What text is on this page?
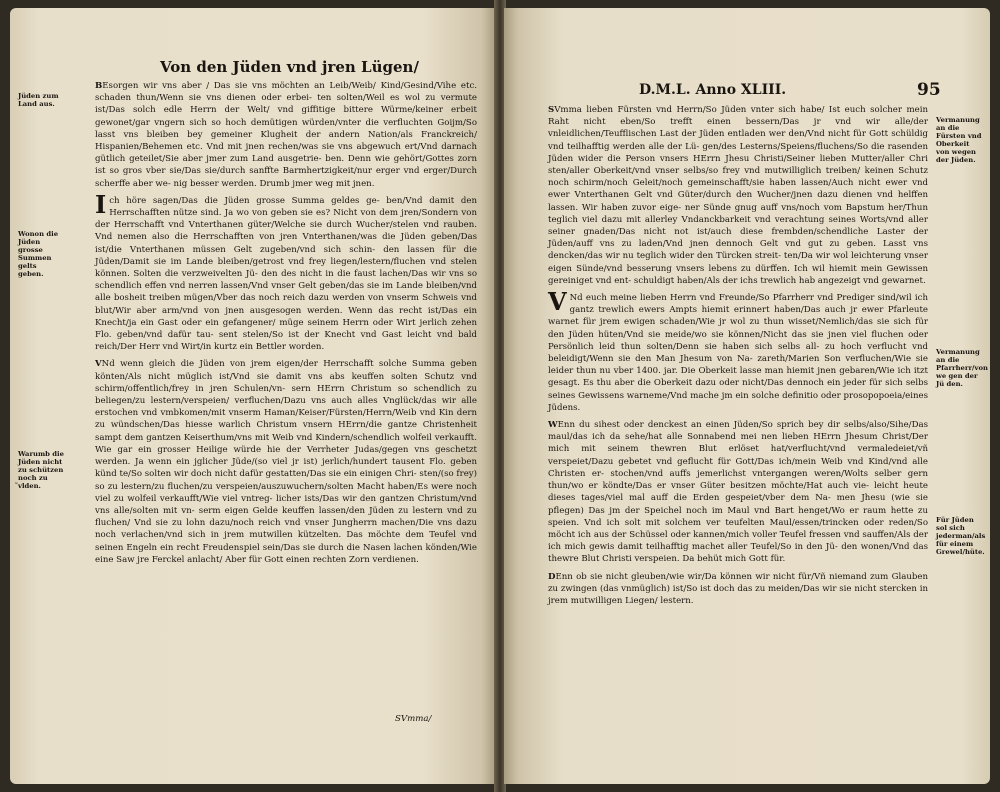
Von den Jüden vnd jren Lügen/
Jüden zum Land aus.
Wonon die Jüden grosse Summen gelts geben.
Warumb die Jüden nicht zu schützen noch zu ̃vlden.

BEsorgen wir vns aber / Das sie vns möchten an Leib/Weib/ Kind/Gesind/Vihe etc. schaden thun/Wenn sie vns dienen oder erbei- ten solten/Weil es wol zu vermute ist/Das solch edle Herrn der Welt/ vnd giffitige bittere Würme/keiner erbeit gewonet/gar vngern sich so hoch demütigen würden/vnter die verfluchten Goijm/So lasst vns bleiben bey gemeiner Klugheit der andern Nation/als Franckreich/ Hispanien/Behemen etc. Vnd mit jnen rechen/was sie vns abgewuch ert/Vnd darnach gütlich geteilet/Sie aber jmer zum Land ausgetrie- ben. Denn wie gehört/Gottes zorn ist so gros vber sie/Das sie/durch sanffte Barmhertzigkeit/nur erger vnd erger/Durch scherffe aber we- nig besser werden. Drumb jmer weg mit jnen.

Ich höre sagen/Das die Jüden grosse Summa geldes ge- ben/Vnd damit den Herrschafften nütze sind. Ja wo von geben sie es? Nicht von dem jren/Sondern von der Herrschafft vnd Vnterthanen güter/Welche sie durch Wucher/stelen vnd rauben. Vnd nemen also die Herrschafften von jren Vnterthanen/was die Jüden geben/Das ist/die Vnterthanen müssen Gelt zugeben/vnd sich schin- den lassen für die Jüden/Damit sie im Lande bleiben/getrost vnd frey liegen/lestern/fluchen vnd stelen können. Solten die verzweivelten Jü- den des nicht in die faust lachen/Das wir vns so schendlich effen vnd nerren lassen/Vnd vnser Gelt geben/das sie im Lande bleiben/vnd alle bosheit treiben mügen/Vber das noch reich dazu werden von vnserm Schweis vnd blut/Wir aber arm/vnd von jnen ausgesogen werden. Wenn das recht ist/Das ein Knecht/ja ein Gast oder ein gefangener/ müge seinem Herrn oder Wirt jerlich zehen Flo. geben/vnd dafür tau- sent stelen/So ist der Knecht vnd Gast leicht vnd bald reich/Der Herr vnd Wirt/in kurtz ein Bettler worden.

VNd wenn gleich die Jüden von jrem eigen/der Herrschafft solche Summa geben könten/Als nicht müglich ist/Vnd sie damit vns abs keuffen solten Schutz vnd schirm/offentlich/frey in jren Schulen/vn- sern HErrn Christum so schendlich zu beliegen/zu lestern/verspeien/ verfluchen/Dazu vns auch alles Vnglück/das wir alle erstochen vnd vmbkomen/mit vnserm Haman/Keiser/Fürsten/Herrn/Weib vnd Kin dern zu wündschen/Das hiesse warlich Christum vnsern HErrn/die gantze Christenheit sampt dem gantzen Keiserthum/vns mit Weib vnd Kindern/schendlich wolfeil verkaufft. Wie gar ein grosser Heilige würde hie der Verrheter Judas/gegen vns geschetzt werden. Ja wenn ein jglicher Jüde/(so viel jr ist) jerlich/hundert tausent Flo. geben künd te/So solten wir doch nicht dafür gestatten/Das sie ein einigen Chri- sten/(so frey) so zu lestern/zu fluchen/zu verspeien/auszuwuchern/solten Macht haben/Es were noch viel zu wolfeil verkaufft/Wie viel vntreg- licher ists/Das wir den gantzen Christum/vnd vns alle/solten mit vn- serm eigen Gelde keuffen lassen/den Jüden zu lestern vnd zu fluchen/ Vnd sie zu lohn dazu/noch reich vnd vnser Jungherrn machen/Die vns dazu noch verlachen/vnd sich in jrem mutwillen kützelten. Das möchte dem Teufel vnd seinen Engeln ein recht Freudenspiel sein/Das sie durch die Nasen lachen könden/Wie eine Saw jre Ferckel anlacht/ Aber für Gott einen rechten Zorn verdienen.

SVmma/
D.M.L. Anno XLIII.	95
Vermanung an die Fürsten vnd Oberkeit von wegen der Jüden.
Vermanung an die Pfarrherr/von we gen der Jü den.
Für Jüden sol sich jederman/als für einem Grewel/hüte.

SVmma lieben Fürsten vnd Herrn/So Jüden vnter sich habe/ Ist euch solcher mein Raht nicht eben/So trefft einen bessern/Das jr vnd wir alle/der vnleidlichen/Teufflischen Last der Jüden entladen wer den/Vnd nicht für Gott schüldig vnd teilhafftig werden alle der Lü- gen/des Lesterns/Speiens/fluchens/So die rasenden Jüden wider die Person vnsers HErrn Jhesu Christi/Seiner lieben Mutter/aller Chri sten/aller Oberkeit/vnd vnser selbs/so frey vnd mutwilliglich treiben/ keinen Schutz noch schirm/noch Geleit/noch gemeinschafft/sie haben lassen/Auch nicht ewer vnd ewer Vnterthanen Gelt vnd Güter/durch den Wucher/jnen dazu dienen vnd helffen lassen. Wir haben zuvor eige- ner Sünde gnug auff vns/noch vom Bapstum her/Thun teglich viel dazu mit allerley Vndanckbarkeit vnd verachtung seines Worts/vnd aller seiner gnaden/Das nicht not ist/auch diese frembden/schendliche Laster der Jüden/auff vns zu laden/Vnd jnen dennoch Gelt vnd gut zu geben. Lasst vns dencken/das wir nu teglich wider den Türcken streit- ten/Da wir wol leichterung vnser eigen Sünde/vnd besserung vnsers lebens zu dürffen. Ich wil hiemit mein Gewissen gereiniget vnd ent- schuldigt haben/Als der ichs trewlich hab angezeigt vnd gewarnet.

VNd euch meine lieben Herrn vnd Freunde/So Pfarrherr vnd Prediger sind/wil ich gantz trewlich ewers Ampts hiemit erinnert haben/Das auch jr ewer Pfarleute warnet für jrem ewigen schaden/Wie jr wol zu thun wisset/Nemlich/das sie sich für den Jüden hüten/Vnd sie meide/wo sie können/Nicht das sie jnen viel fluchen oder Persönlich leid thun solten/Denn sie haben sich selbs all- zu hoch verflucht vnd beleidigt/Wenn sie den Man Jhesum von Na- zareth/Marien Son verfluchen/Wie sie leider thun nu vber 1400. jar. Die Oberkeit lasse man hiemit jnen gebaren/Wie ich itzt gesagt. Es thu aber die Oberkeit dazu oder nicht/Das dennoch ein jeder für sich selbs seines Gewissens warneme/Vnd mache jm ein solche definitio oder prosopopoeia/eines Jüdens.

WEnn du sihest oder denckest an einen Jüden/So sprich bey dir selbs/also/Sihe/Das maul/das ich da sehe/hat alle Sonnabend mei nen lieben HErrn Jhesum Christ/Der mich mit seinem thewren Blut erlöset hat/verflucht/vnd vermaledeiet/vñ verspeiet/Dazu gebetet vnd geflucht für Gott/Das ich/mein Weib vnd Kind/vnd alle Christen er- stochen/vnd auffs jemerlichst vntergangen weren/Wolts selber gern thun/wo er köndte/Das er vnser Güter besitzen möchte/Hat auch vie- leicht heute dieses tages/viel mal auff die Erden gespeiet/vber dem Na- men Jhesu (wie sie pflegen) Das jm der Speichel noch im Maul vnd Bart henget/Wo er raum hette zu speien. Vnd ich solt mit solchem ver teufelten Maul/essen/trincken oder reden/So möcht ich aus der Schüssel oder kannen/mich voller Teufel fressen vnd sauffen/Als der ich mich gewis damit teilhafftig machet aller Teufel/So in den Jü- den wonen/Vnd das thewre Blut Christi verspeien. Da behüt mich Gott für.

DEnn ob sie nicht gleuben/wie wir/Da können wir nicht für/Vñ niemand zum Glauben zu zwingen (das vnmüglich) ist/So ist doch das zu meiden/Das wir sie nicht stercken in jrem mutwilligen Liegen/ lestern.
